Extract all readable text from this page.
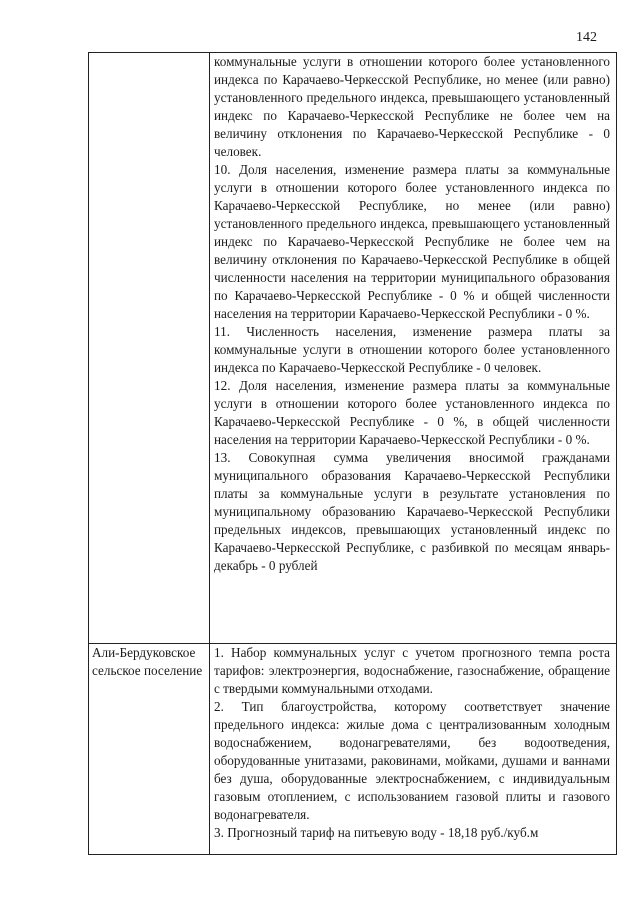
142

	коммунальные услуги в отношении которого более установленного индекса по Карачаево-Черкесской Республике, но менее (или равно) установленного предельного индекса, превышающего установленный индекс по Карачаево-Черкесской Республике не более чем на величину отклонения по Карачаево-Черкесской Республике - 0 человек.

10. Доля населения, изменение размера платы за коммунальные услуги в отношении которого более установленного индекса по Карачаево-Черкесской Республике, но менее (или равно) установленного предельного индекса, превышающего установленный индекс по Карачаево-Черкесской Республике не более чем на величину отклонения по Карачаево-Черкесской Республике в общей численности населения на территории муниципального образования по Карачаево-Черкесской Республике - 0 % и общей численности населения на территории Карачаево-Черкесской Республики - 0 %.

11. Численность населения, изменение размера платы за коммунальные услуги в отношении которого более установленного индекса по Карачаево-Черкесской Республике - 0 человек.

12. Доля населения, изменение размера платы за коммунальные услуги в отношении которого более установленного индекса по Карачаево-Черкесской Республике - 0 %, в общей численности населения на территории Карачаево-Черкесской Республики - 0 %.

13. Совокупная сумма увеличения вносимой гражданами муниципального образования Карачаево-Черкесской Республики платы за коммунальные услуги в результате установления по муниципальному образованию Карачаево-Черкесской Республики предельных индексов, превышающих установленный индекс по Карачаево-Черкесской Республике, с разбивкой по месяцам январь-декабрь - 0 рублей

Али-Бердуковское сельское поселение	1. Набор коммунальных услуг с учетом прогнозного темпа роста тарифов: электроэнергия, водоснабжение, газоснабжение, обращение с твердыми коммунальными отходами.

2. Тип благоустройства, которому соответствует значение предельного индекса: жилые дома с централизованным холодным водоснабжением, водонагревателями, без водоотведения, оборудованные унитазами, раковинами, мойками, душами и ваннами без душа, оборудованные электроснабжением, с индивидуальным газовым отоплением, с использованием газовой плиты и газового водонагревателя.

3. Прогнозный тариф на питьевую воду - 18,18 руб./куб.м
